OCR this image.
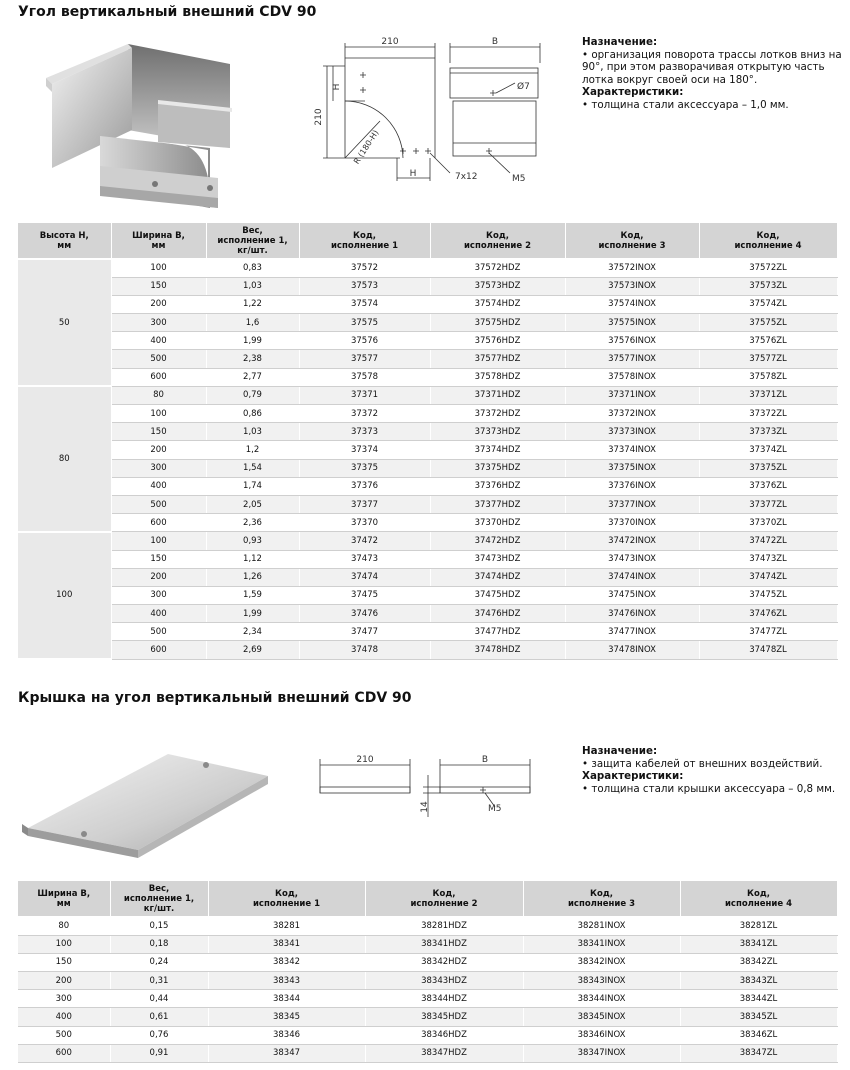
Угол вертикальный внешний CDV 90
210
210
H
H
R (180-H)
7x12
B
Ø7
M5
Назначение:
• организация поворота трассы лотков вниз на 90°, при этом разворачивая открытую часть лотка вокруг своей оси на 180°.
Характеристики:
• толщина стали аксессуара – 1,0 мм.
Высота H,
мм	Ширина B,
мм	Вес,
исполнение 1,
кг/шт.	Код,
исполнение 1	Код,
исполнение 2	Код,
исполнение 3	Код,
исполнение 4

50	100	0,83	37572	37572HDZ	37572INOX	37572ZL
	150	1,03	37573	37573HDZ	37573INOX	37573ZL
	200	1,22	37574	37574HDZ	37574INOX	37574ZL
	300	1,6	37575	37575HDZ	37575INOX	37575ZL
	400	1,99	37576	37576HDZ	37576INOX	37576ZL
	500	2,38	37577	37577HDZ	37577INOX	37577ZL
	600	2,77	37578	37578HDZ	37578INOX	37578ZL
80	80	0,79	37371	37371HDZ	37371INOX	37371ZL
	100	0,86	37372	37372HDZ	37372INOX	37372ZL
	150	1,03	37373	37373HDZ	37373INOX	37373ZL
	200	1,2	37374	37374HDZ	37374INOX	37374ZL
	300	1,54	37375	37375HDZ	37375INOX	37375ZL
	400	1,74	37376	37376HDZ	37376INOX	37376ZL
	500	2,05	37377	37377HDZ	37377INOX	37377ZL
	600	2,36	37370	37370HDZ	37370INOX	37370ZL
100	100	0,93	37472	37472HDZ	37472INOX	37472ZL
	150	1,12	37473	37473HDZ	37473INOX	37473ZL
	200	1,26	37474	37474HDZ	37474INOX	37474ZL
	300	1,59	37475	37475HDZ	37475INOX	37475ZL
	400	1,99	37476	37476HDZ	37476INOX	37476ZL
	500	2,34	37477	37477HDZ	37477INOX	37477ZL
	600	2,69	37478	37478HDZ	37478INOX	37478ZL
Крышка на угол вертикальный внешний CDV 90
210
14
B
M5
Назначение:
• защита кабелей от внешних воздействий.
Характеристики:
• толщина стали крышки аксессуара – 0,8 мм.
Ширина B,
мм	Вес,
исполнение 1,
кг/шт.	Код,
исполнение 1	Код,
исполнение 2	Код,
исполнение 3	Код,
исполнение 4

80	0,15	38281	38281HDZ	38281INOX	38281ZL
100	0,18	38341	38341HDZ	38341INOX	38341ZL
150	0,24	38342	38342HDZ	38342INOX	38342ZL
200	0,31	38343	38343HDZ	38343INOX	38343ZL
300	0,44	38344	38344HDZ	38344INOX	38344ZL
400	0,61	38345	38345HDZ	38345INOX	38345ZL
500	0,76	38346	38346HDZ	38346INOX	38346ZL
600	0,91	38347	38347HDZ	38347INOX	38347ZL
